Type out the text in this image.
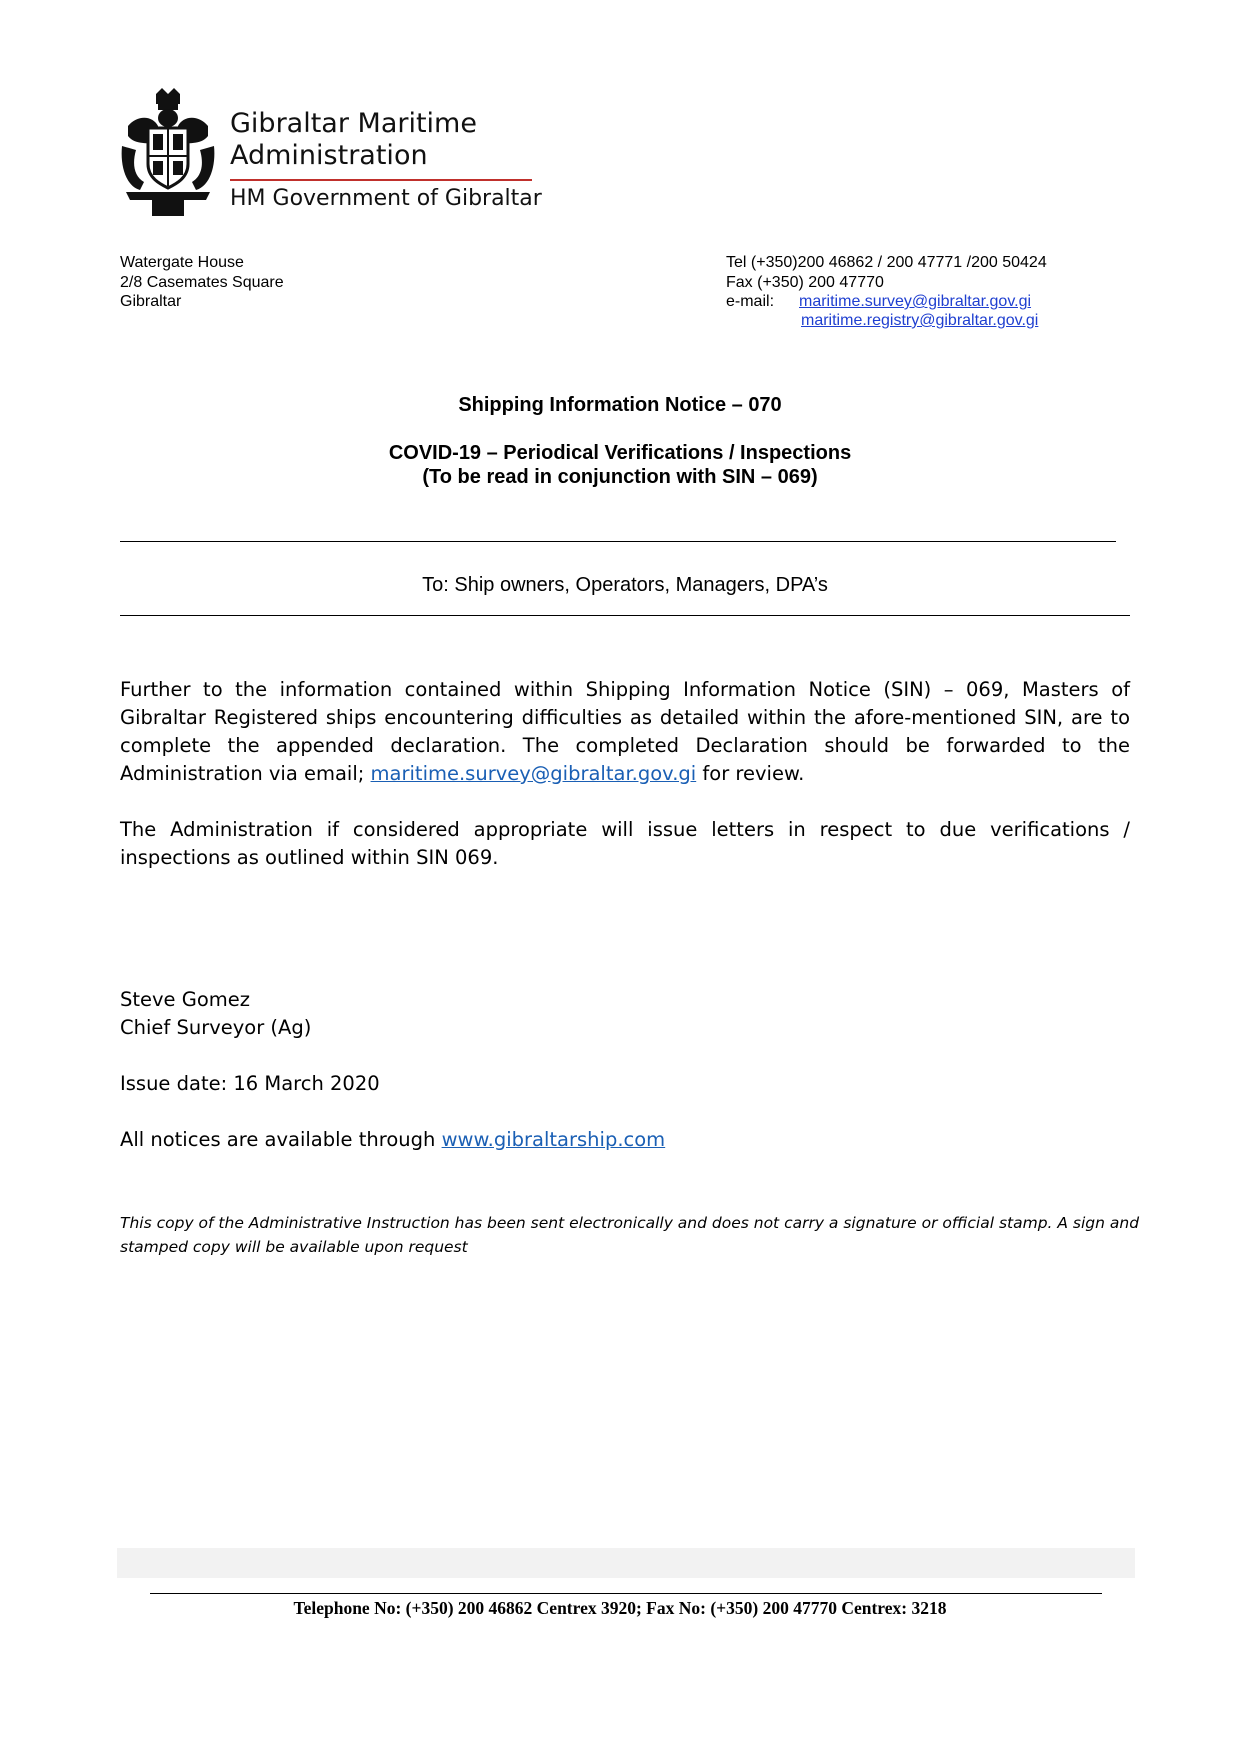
Gibraltar Maritime
Administration
HM Government of Gibraltar
Watergate House
2/8 Casemates Square
Gibraltar
Tel (+350)200 46862 / 200 47771 /200 50424
Fax (+350) 200 47770
e-mail: maritime.survey@gibraltar.gov.gi
maritime.registry@gibraltar.gov.gi
Shipping Information Notice – 070
COVID-19 – Periodical Verifications / Inspections
(To be read in conjunction with SIN – 069)
To: Ship owners, Operators, Managers, DPA’s
Further to the information contained within Shipping Information Notice (SIN) – 069, Masters of Gibraltar Registered ships encountering difficulties as detailed within the afore-mentioned SIN, are to complete the appended declaration. The completed Declaration should be forwarded to the Administration via email; maritime.survey@gibraltar.gov.gi for review.
The Administration if considered appropriate will issue letters in respect to due verifications / inspections as outlined within SIN 069.
Steve Gomez
Chief Surveyor (Ag)
Issue date: 16 March 2020
All notices are available through www.gibraltarship.com
This copy of the Administrative Instruction has been sent electronically and does not carry a signature or official stamp. A sign and stamped copy will be available upon request
Telephone No: (+350) 200 46862 Centrex 3920; Fax No: (+350) 200 47770 Centrex: 3218
